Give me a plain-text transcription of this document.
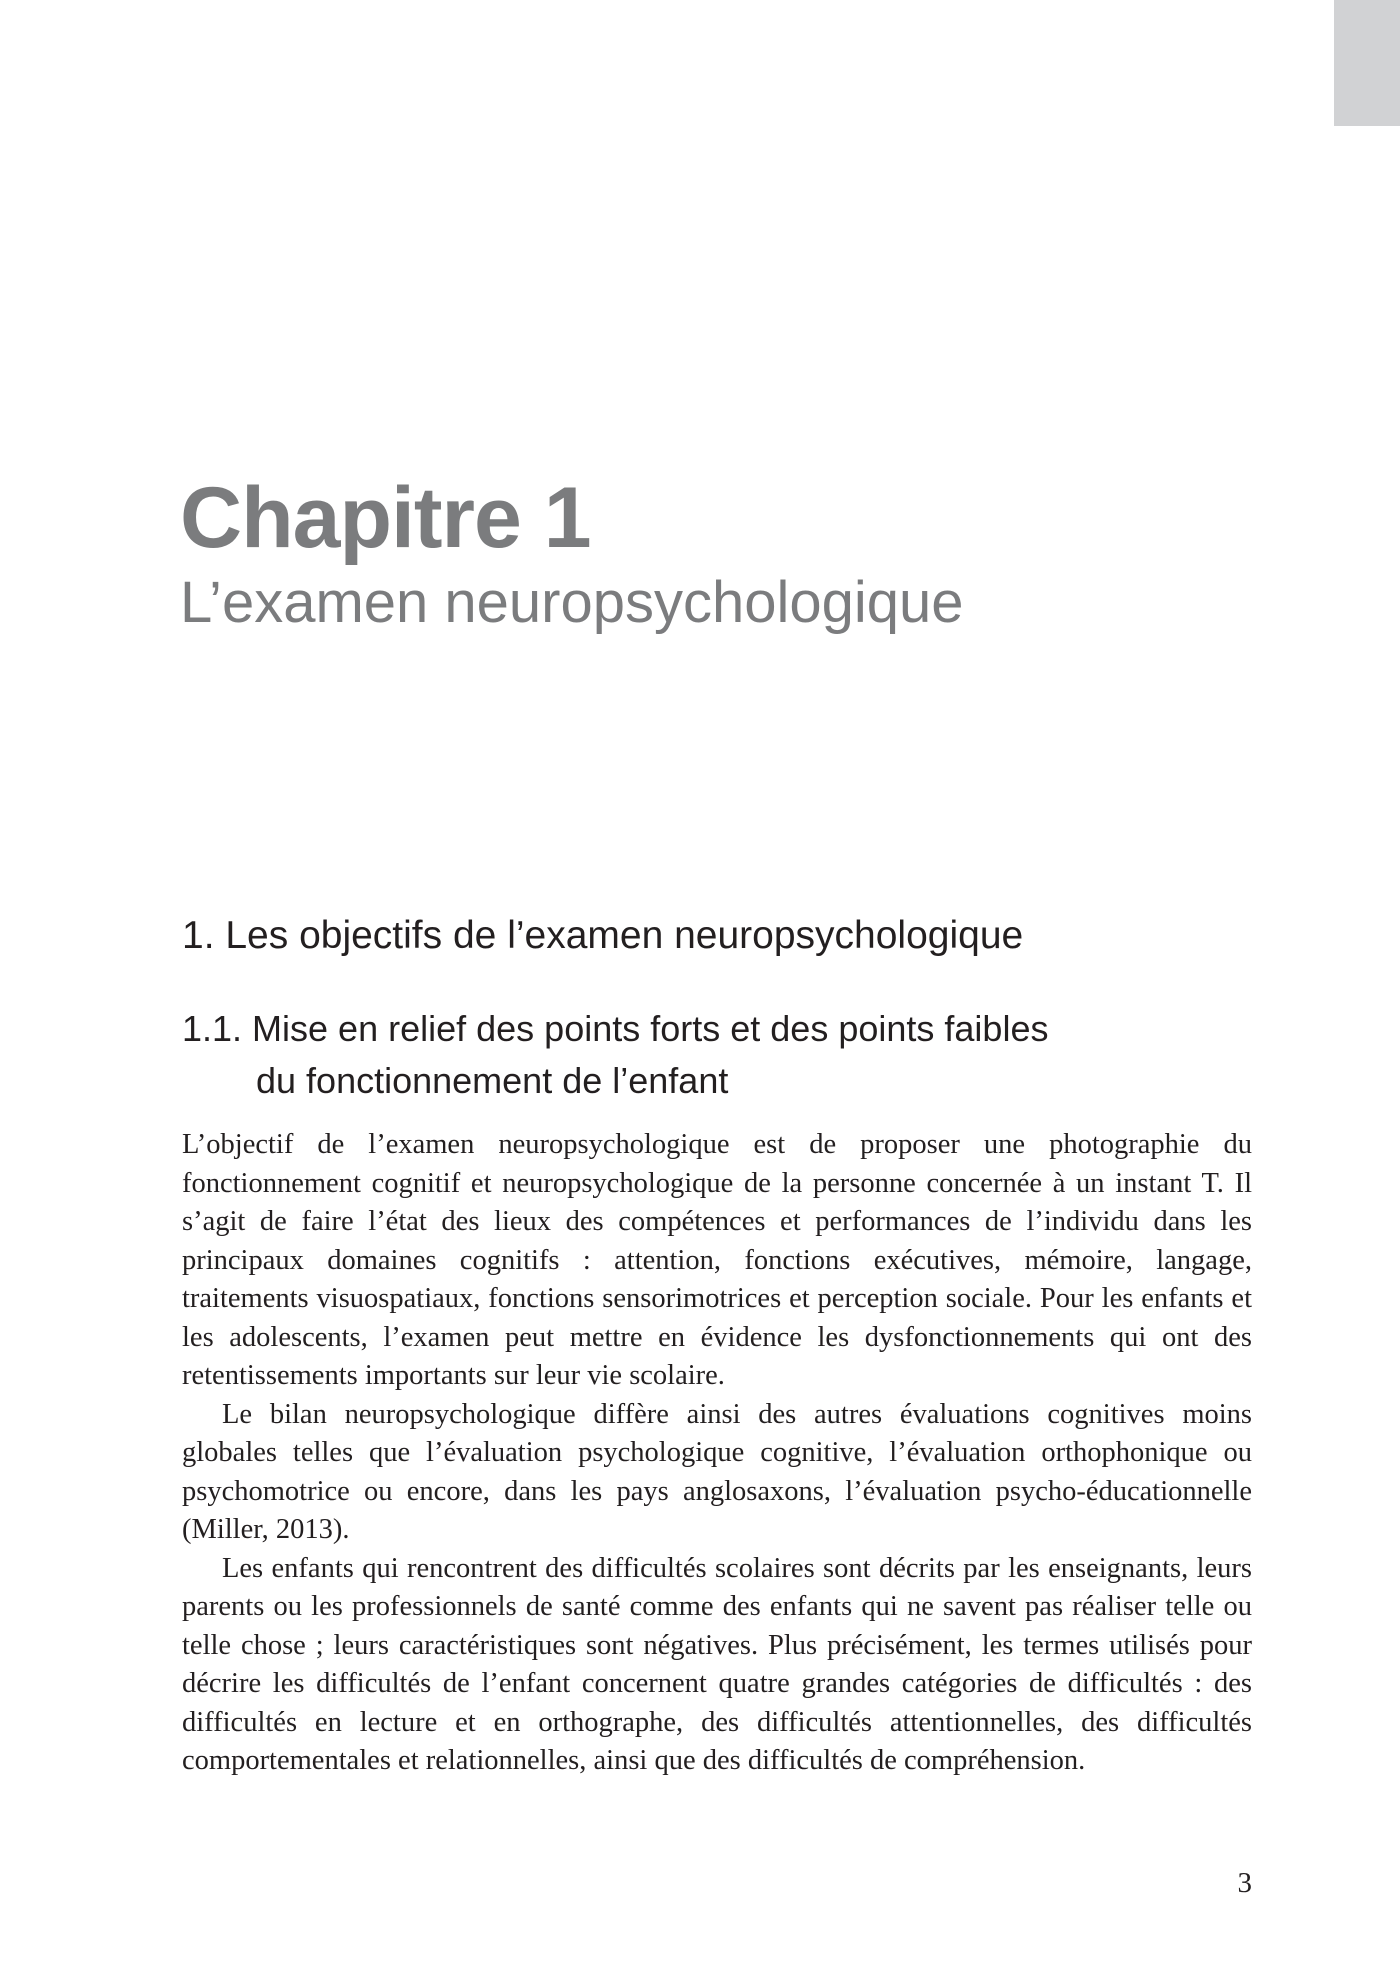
Chapitre 1
L’examen neuropsychologique
1. Les objectifs de l’examen neuropsychologique
1.1. Mise en relief des points forts et des points faibles
du fonctionnement de l’enfant

L’objectif de l’examen neuropsychologique est de proposer une photographie du fonctionnement cognitif et neuropsychologique de la personne concernée à un instant T. Il s’agit de faire l’état des lieux des compétences et performances de l’individu dans les principaux domaines cognitifs : attention, fonctions exécutives, mémoire, langage, traitements visuospatiaux, fonctions sensorimotrices et perception sociale. Pour les enfants et les adolescents, l’examen peut mettre en évidence les dysfonctionnements qui ont des retentissements importants sur leur vie scolaire.

Le bilan neuropsychologique diffère ainsi des autres évaluations cognitives moins globales telles que l’évaluation psychologique cognitive, l’évaluation orthophonique ou psychomotrice ou encore, dans les pays anglosaxons, l’évaluation psycho-éducationnelle (Miller, 2013).

Les enfants qui rencontrent des difficultés scolaires sont décrits par les enseignants, leurs parents ou les professionnels de santé comme des enfants qui ne savent pas réaliser telle ou telle chose ; leurs caractéristiques sont négatives. Plus précisément, les termes utilisés pour décrire les difficultés de l’enfant concernent quatre grandes catégories de difficultés : des difficultés en lecture et en orthographe, des difficultés attentionnelles, des difficultés comportementales et relationnelles, ainsi que des difficultés de compréhension.

3
